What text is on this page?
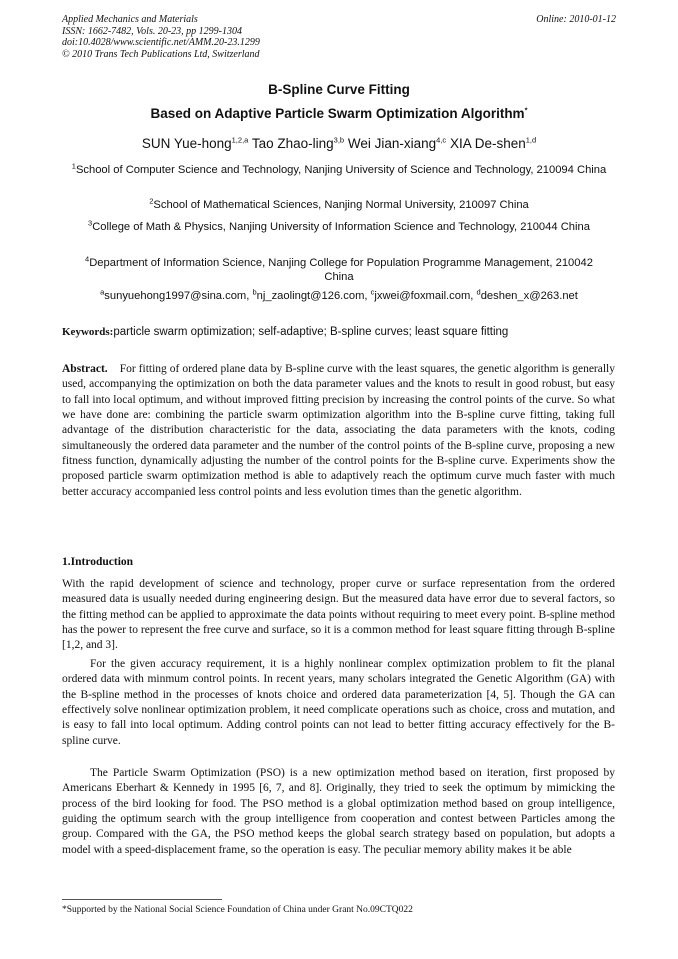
Applied Mechanics and Materials
ISSN: 1662-7482, Vols. 20-23, pp 1299-1304
doi:10.4028/www.scientific.net/AMM.20-23.1299
© 2010 Trans Tech Publications Ltd, Switzerland
Online: 2010-01-12
B-Spline Curve Fitting
Based on Adaptive Particle Swarm Optimization Algorithm*
SUN Yue-hong$^{1,2,a}$ Tao Zhao-ling$^{3,b}$ Wei Jian-xiang$^{4,c}$ XIA De-shen$^{1,d}$
$^1$School of Computer Science and Technology, Nanjing University of Science and Technology, 210094 China
$^2$School of Mathematical Sciences, Nanjing Normal University, 210097 China
$^3$College of Math & Physics, Nanjing University of Information Science and Technology, 210044 China
$^4$Department of Information Science, Nanjing College for Population Programme Management, 210042 China
$^a$sunyuehong1997@sina.com, $^b$nj_zaolingt@126.com, $^c$jxwei@foxmail.com, $^d$deshen_x@263.net
Keywords:particle swarm optimization; self-adaptive; B-spline curves; least square fitting
Abstract. For fitting of ordered plane data by B-spline curve with the least squares, the genetic algorithm is generally used, accompanying the optimization on both the data parameter values and the knots to result in good robust, but easy to fall into local optimum, and without improved fitting precision by increasing the control points of the curve. So what we have done are: combining the particle swarm optimization algorithm into the B-spline curve fitting, taking full advantage of the distribution characteristic for the data, associating the data parameters with the knots, coding simultaneously the ordered data parameter and the number of the control points of the B-spline curve, proposing a new fitness function, dynamically adjusting the number of the control points for the B-spline curve. Experiments show the proposed particle swarm optimization method is able to adaptively reach the optimum curve much faster with much better accuracy accompanied less control points and less evolution times than the genetic algorithm.
1.Introduction
With the rapid development of science and technology, proper curve or surface representation from the ordered measured data is usually needed during engineering design. But the measured data have error due to several factors, so the fitting method can be applied to approximate the data points without requiring to meet every point. B-spline method has the power to represent the free curve and surface, so it is a common method for least square fitting through B-spline [1,2, and 3].
For the given accuracy requirement, it is a highly nonlinear complex optimization problem to fit the planal ordered data with minmum control points. In recent years, many scholars integrated the Genetic Algorithm (GA) with the B-spline method in the processes of knots choice and ordered data parameterization [4, 5]. Though the GA can effectively solve nonlinear optimization problem, it need complicate operations such as choice, cross and mutation, and is easy to fall into local optimum. Adding control points can not lead to better fitting accuracy effectively for the B-spline curve.
The Particle Swarm Optimization (PSO) is a new optimization method based on iteration, first proposed by Americans Eberhart & Kennedy in 1995 [6, 7, and 8]. Originally, they tried to seek the optimum by mimicking the process of the bird looking for food. The PSO method is a global optimization method based on group intelligence, guiding the optimum search with the group intelligence from cooperation and contest between Particles among the group. Compared with the GA, the PSO method keeps the global search strategy based on population, but adopts a model with a speed-displacement frame, so the operation is easy. The peculiar memory ability makes it be able
*Supported by the National Social Science Foundation of China under Grant No.09CTQ022
